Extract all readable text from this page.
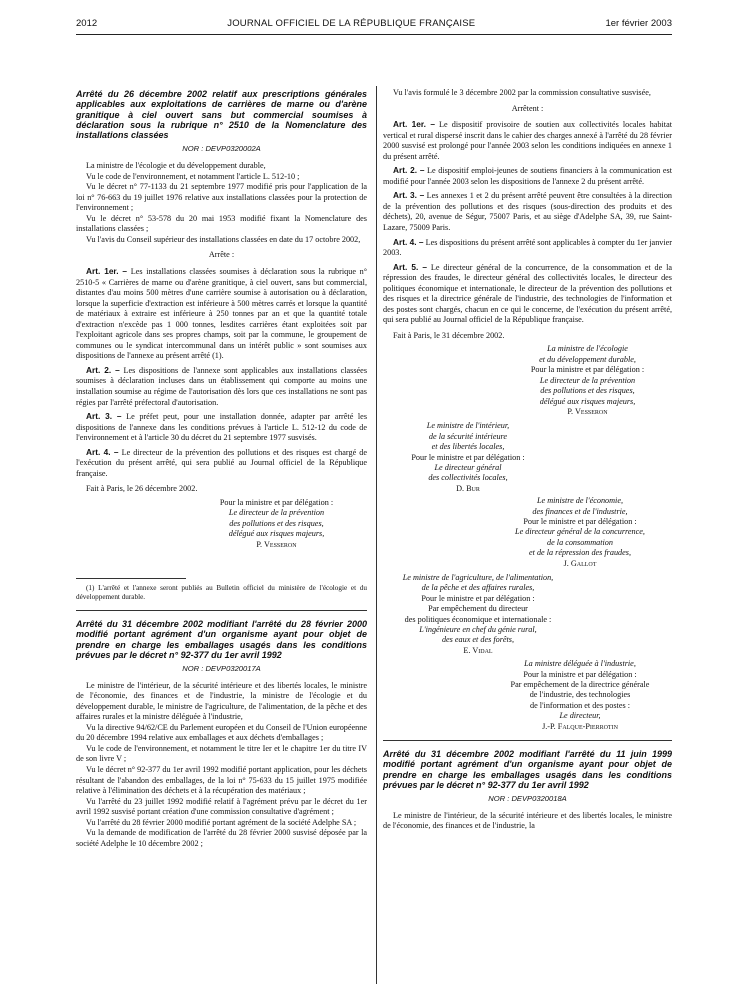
2012	JOURNAL OFFICIEL DE LA RÉPUBLIQUE FRANÇAISE	1er février 2003

Arrêté du 26 décembre 2002 relatif aux prescriptions générales applicables aux exploitations de carrières de marne ou d'arène granitique à ciel ouvert sans but commercial soumises à déclaration sous la rubrique n° 2510 de la Nomenclature des installations classées

NOR : DEVP0320002A

La ministre de l'écologie et du développement durable,

Vu le code de l'environnement, et notamment l'article L. 512-10 ;

Vu le décret n° 77-1133 du 21 septembre 1977 modifié pris pour l'application de la loi n° 76-663 du 19 juillet 1976 relative aux installations classées pour la protection de l'environnement ;

Vu le décret n° 53-578 du 20 mai 1953 modifié fixant la Nomenclature des installations classées ;

Vu l'avis du Conseil supérieur des installations classées en date du 17 octobre 2002,

Arrête :

Art. 1er. – Les installations classées soumises à déclaration sous la rubrique n° 2510-5 « Carrières de marne ou d'arène granitique, à ciel ouvert, sans but commercial, distantes d'au moins 500 mètres d'une carrière soumise à autorisation ou à déclaration, lorsque la superficie d'extraction est inférieure à 500 mètres carrés et lorsque la quantité de matériaux à extraire est inférieure à 250 tonnes par an et que la quantité totale d'extraction n'excède pas 1 000 tonnes, lesdites carrières étant exploitées soit par l'exploitant agricole dans ses propres champs, soit par la commune, le groupement de communes ou le syndicat intercommunal dans un intérêt public » sont soumises aux dispositions de l'annexe au présent arrêté (1).

Art. 2. – Les dispositions de l'annexe sont applicables aux installations classées soumises à déclaration incluses dans un établissement qui comporte au moins une installation soumise au régime de l'autorisation dès lors que ces installations ne sont pas régies par l'arrêté préfectoral d'autorisation.

Art. 3. – Le préfet peut, pour une installation donnée, adapter par arrêté les dispositions de l'annexe dans les conditions prévues à l'article L. 512-12 du code de l'environnement et à l'article 30 du décret du 21 septembre 1977 susvisés.

Art. 4. – Le directeur de la prévention des pollutions et des risques est chargé de l'exécution du présent arrêté, qui sera publié au Journal officiel de la République française.

Fait à Paris, le 26 décembre 2002.

Pour la ministre et par délégation :

Le directeur de la prévention

des pollutions et des risques,

délégué aux risques majeurs,

P. Vesseron

(1) L'arrêté et l'annexe seront publiés au Bulletin officiel du ministère de l'écologie et du développement durable.

Arrêté du 31 décembre 2002 modifiant l'arrêté du 28 février 2000 modifié portant agrément d'un organisme ayant pour objet de prendre en charge les emballages usagés dans les conditions prévues par le décret n° 92-377 du 1er avril 1992

NOR : DEVP0320017A

Le ministre de l'intérieur, de la sécurité intérieure et des libertés locales, le ministre de l'économie, des finances et de l'industrie, la ministre de l'écologie et du développement durable, le ministre de l'agriculture, de l'alimentation, de la pêche et des affaires rurales et la ministre déléguée à l'industrie,

Vu la directive 94/62/CE du Parlement européen et du Conseil de l'Union européenne du 20 décembre 1994 relative aux emballages et aux déchets d'emballages ;

Vu le code de l'environnement, et notamment le titre Ier et le chapitre 1er du titre IV de son livre V ;

Vu le décret n° 92-377 du 1er avril 1992 modifié portant application, pour les déchets résultant de l'abandon des emballages, de la loi n° 75-633 du 15 juillet 1975 modifiée relative à l'élimination des déchets et à la récupération des matériaux ;

Vu l'arrêté du 23 juillet 1992 modifié relatif à l'agrément prévu par le décret du 1er avril 1992 susvisé portant création d'une commission consultative d'agrément ;

Vu l'arrêté du 28 février 2000 modifié portant agrément de la société Adelphe SA ;

Vu la demande de modification de l'arrêté du 28 février 2000 susvisé déposée par la société Adelphe le 10 décembre 2002 ;

Vu l'avis formulé le 3 décembre 2002 par la commission consultative susvisée,

Arrêtent :

Art. 1er. – Le dispositif provisoire de soutien aux collectivités locales habitat vertical et rural dispersé inscrit dans le cahier des charges annexé à l'arrêté du 28 février 2000 susvisé est prolongé pour l'année 2003 selon les conditions indiquées en annexe 1 du présent arrêté.

Art. 2. – Le dispositif emploi-jeunes de soutiens financiers à la communication est modifié pour l'année 2003 selon les dispositions de l'annexe 2 du présent arrêté.

Art. 3. – Les annexes 1 et 2 du présent arrêté peuvent être consultées à la direction de la prévention des pollutions et des risques (sous-direction des produits et des déchets), 20, avenue de Ségur, 75007 Paris, et au siège d'Adelphe SA, 39, rue Saint-Lazare, 75009 Paris.

Art. 4. – Les dispositions du présent arrêté sont applicables à compter du 1er janvier 2003.

Art. 5. – Le directeur général de la concurrence, de la consommation et de la répression des fraudes, le directeur général des collectivités locales, le directeur des politiques économique et internationale, le directeur de la prévention des pollutions et des risques et la directrice générale de l'industrie, des technologies de l'information et des postes sont chargés, chacun en ce qui le concerne, de l'exécution du présent arrêté, qui sera publié au Journal officiel de la République française.

Fait à Paris, le 31 décembre 2002.

La ministre de l'écologie

et du développement durable,

Pour la ministre et par délégation :

Le directeur de la prévention

des pollutions et des risques,

délégué aux risques majeurs,

P. Vesseron

Le ministre de l'intérieur,

de la sécurité intérieure

et des libertés locales,

Pour le ministre et par délégation :

Le directeur général

des collectivités locales,

D. Bur

Le ministre de l'économie,

des finances et de l'industrie,

Pour le ministre et par délégation :

Le directeur général de la concurrence,

de la consommation

et de la répression des fraudes,

J. Gallot

Le ministre de l'agriculture, de l'alimentation,

de la pêche et des affaires rurales,

Pour le ministre et par délégation :

Par empêchement du directeur

des politiques économique et internationale :

L'ingénieure en chef du génie rural,

des eaux et des forêts,

E. Vidal

La ministre déléguée à l'industrie,

Pour la ministre et par délégation :

Par empêchement de la directrice générale

de l'industrie, des technologies

de l'information et des postes :

Le directeur,

J.-P. Falque-Pierrotin

Arrêté du 31 décembre 2002 modifiant l'arrêté du 11 juin 1999 modifié portant agrément d'un organisme ayant pour objet de prendre en charge les emballages usagés dans les conditions prévues par le décret n° 92-377 du 1er avril 1992

NOR : DEVP0320018A

Le ministre de l'intérieur, de la sécurité intérieure et des libertés locales, le ministre de l'économie, des finances et de l'industrie, la
